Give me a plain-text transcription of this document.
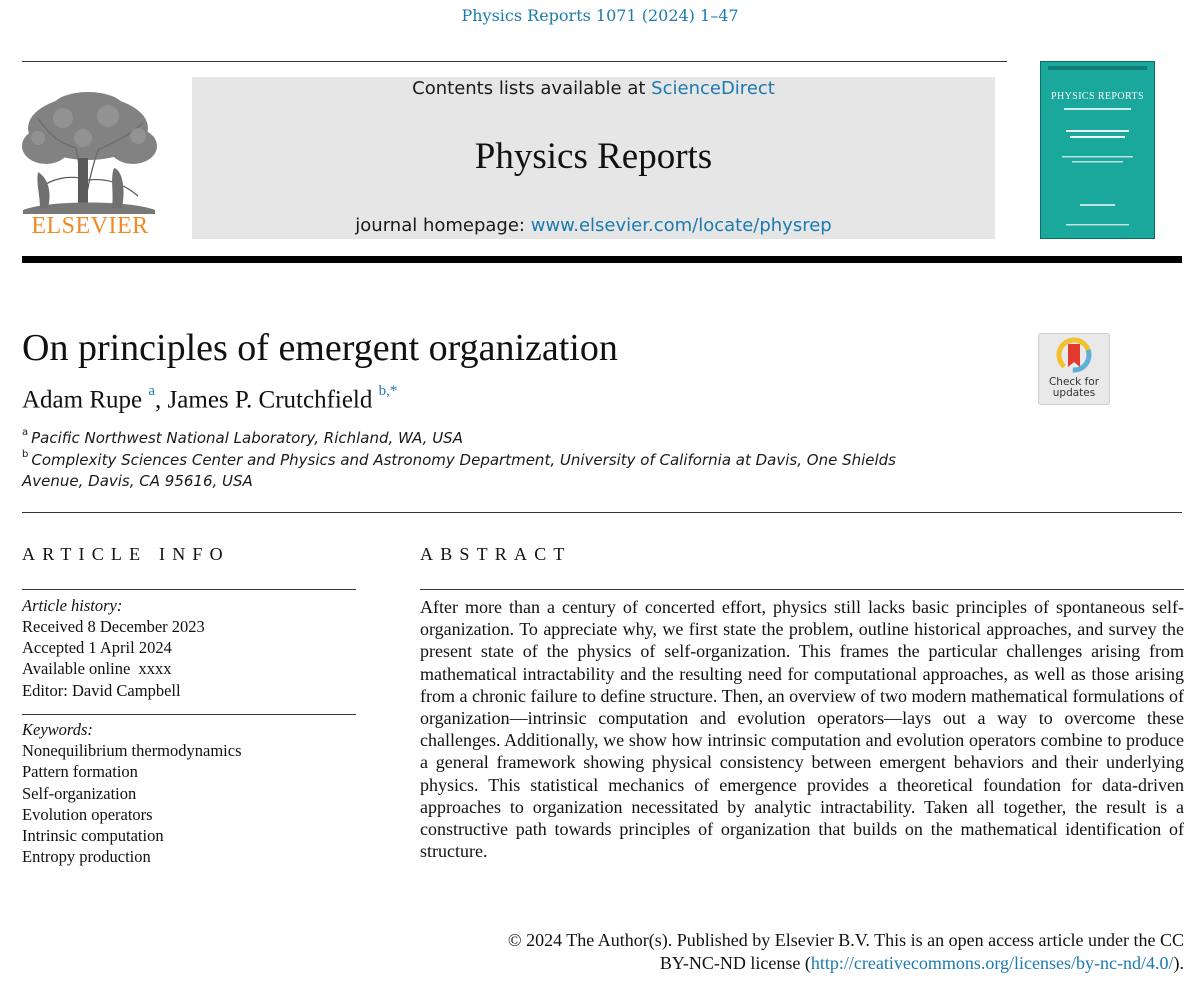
Physics Reports 1071 (2024) 1–47
ELSEVIER
Contents lists available at ScienceDirect
Physics Reports
journal homepage: www.elsevier.com/locate/physrep
PHYSICS REPORTS
On principles of emergent organization
Adam Rupe $^a$, James P. Crutchfield $^{b,*}$
$^a$ Pacific Northwest National Laboratory, Richland, WA, USA
$^b$ Complexity Sciences Center and Physics and Astronomy Department, University of California at Davis, One Shields
Avenue, Davis, CA 95616, USA
Check for
updates
ARTICLE INFO
Article history:
Received 8 December 2023
Accepted 1 April 2024
Available online  xxxx
Editor: David Campbell
Keywords:
Nonequilibrium thermodynamics
Pattern formation
Self-organization
Evolution operators
Intrinsic computation
Entropy production
ABSTRACT
After more than a century of concerted effort, physics still lacks basic principles of spontaneous self-organization. To appreciate why, we first state the problem, outline historical approaches, and survey the present state of the physics of self-organization. This frames the particular challenges arising from mathematical intractability and the resulting need for computational approaches, as well as those arising from a chronic failure to define structure. Then, an overview of two modern mathematical formulations of organization—intrinsic computation and evolution operators—lays out a way to overcome these challenges. Additionally, we show how intrinsic computation and evolution operators combine to produce a general framework showing physical consistency between emergent behaviors and their underlying physics. This statistical mechanics of emergence provides a theoretical foundation for data-driven approaches to organization necessitated by analytic intractability. Taken all together, the result is a constructive path towards principles of organization that builds on the mathematical identification of structure.
© 2024 The Author(s). Published by Elsevier B.V. This is an open access article under the CC
BY-NC-ND license (http://creativecommons.org/licenses/by-nc-nd/4.0/).
